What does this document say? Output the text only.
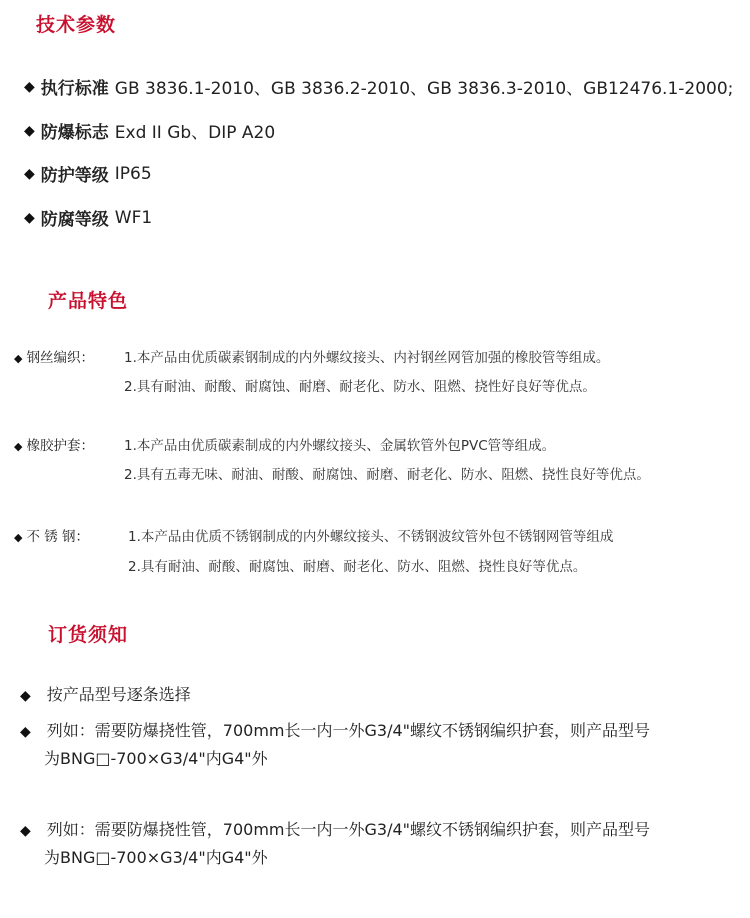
技术参数
◆ 执行标准 GB 3836.1-2010、GB 3836.2-2010、GB 3836.3-2010、GB12476.1-2000;
◆ 防爆标志 Exd II Gb、DIP A20
◆ 防护等级 IP65
◆ 防腐等级 WF1
产品特色
◆ 钢丝编织： 1.本产品由优质碳素钢制成的内外螺纹接头、内衬钢丝网管加强的橡胶管等组成。
2.具有耐油、耐酸、耐腐蚀、耐磨、耐老化、防水、阻燃、挠性好良好等优点。
◆ 橡胶护套： 1.本产品由优质碳素制成的内外螺纹接头、金属软管外包PVC管等组成。
2.具有五毒无味、耐油、耐酸、耐腐蚀、耐磨、耐老化、防水、阻燃、挠性良好等优点。
◆ 不 锈 钢：	1.本产品由优质不锈钢制成的内外螺纹接头、不锈钢波纹管外包不锈钢网管等组成
2.具有耐油、耐酸、耐腐蚀、耐磨、耐老化、防水、阻燃、挠性良好等优点。
订货须知
◆ 按产品型号逐条选择
◆ 列如：需要防爆挠性管，700mm长一内一外G3/4"螺纹不锈钢编织护套，则产品型号
为BNG□-700×G3/4"内G4"外
◆ 列如：需要防爆挠性管，700mm长一内一外G3/4"螺纹不锈钢编织护套，则产品型号
为BNG□-700×G3/4"内G4"外
